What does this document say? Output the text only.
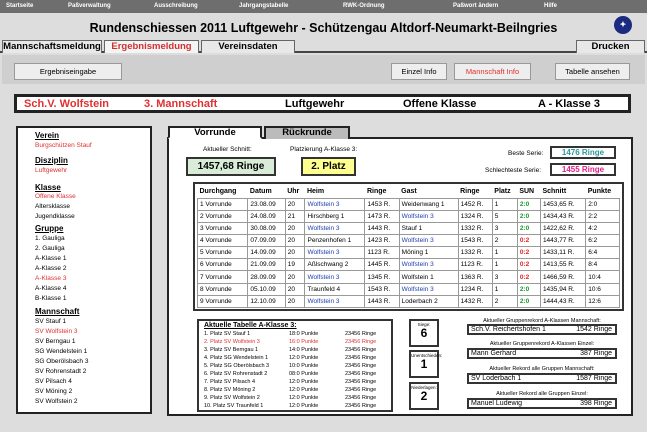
Startseite	Paßverwaltung	Ausschreibung	Jahrgangstabelle	RWK-Ordnung	Paßwort ändern	Hilfe
Rundenschiessen 2011 Luftgewehr - Schützengau Altdorf-Neumarkt-Beilngries	✦
Mannschaftsmeldung	Ergebnismeldung	Vereinsdaten	Drucken
Ergebniseingabe	Einzel Info	Mannschaft Info	Tabelle ansehen
Sch.V. Wolfstein	3. Mannschaft	Luftgewehr	Offene Klasse	A - Klasse 3
Verein
Burgschützen Stauf
Disziplin
Luftgewehr
Klasse
Offene Klasse
Altersklasse
Jugendklasse
Gruppe
1. Gauliga
2. Gauliga
A-Klasse 1
A-Klasse 2
A-Klasse 3
A-Klasse 4
B-Klasse 1
Mannschaft
SV Stauf 1
SV Wolfstein 3
SV Berngau 1
SG Wendelstein 1
SG Oberölsbach 3
SV Rohrenstadt 2
SV Pilsach 4
SV Möning 2
SV Wolfstein 2
Vorrunde	Rückrunde
Aktueller Schnitt:
1457,68 Ringe
Platzierung A-Klasse 3:
2. Platz
Beste Serie:	1476 Ringe
Schlechteste Serie:	1455 Ringe
Durchgang	Datum	Uhr	Heim	Ringe	Gast	Ringe	Platz	SUN	Schnitt	Punkte
1 Vorrunde	23.08.09	20	Wolfstein 3	1453 R.	Weidenwang 1	1452 R.	1	2:0	1453,65 R.	2:0
2 Vorrunde	24.08.09	21	Hirschberg 1	1473 R.	Wolfstein 3	1324 R.	5	2:0	1434,43 R.	2:2
3 Vorrunde	30.08.09	20	Wolfstein 3	1443 R.	Stauf 1	1332 R.	3	2:0	1422,62 R.	4:2
4 Vorrunde	07.09.09	20	Penzenhofen 1	1423 R.	Wolfstein 3	1543 R.	2	0:2	1443,77 R.	6:2
5 Vorrunde	14.09.09	20	Wolfstein 3	1123 R.	Möning 1	1332 R.	1	0:2	1433,11 R.	6:4
6 Vorrunde	21.09.09	19	Aßlschwang 2	1445 R.	Wolfstein 3	1123 R.	1	0:2	1413,55 R.	8:4
7 Vorrunde	28.09.09	20	Wolfstein 3	1345 R.	Wolfstein 1	1363 R.	3	0:2	1466,59 R.	10:4
8 Vorrunde	05.10.09	20	Traunfeld 4	1543 R.	Wolfstein 3	1234 R.	1	2:0	1435,94 R.	10:6
9 Vorrunde	12.10.09	20	Wolfstein 3	1443 R.	Loderbach 2	1432 R.	2	2:0	1444,43 R.	12:6
Aktuelle Tabelle A-Klasse 3:
1. Platz SV Stauf 1	18:0 Punkte	23456 Ringe
2. Platz SV Wolfstein 3	16:0 Punkte	23456 Ringe
3. Platz SV Berngau 1	14:0 Punkte	23456 Ringe
4. Platz SG Wendelstein 1	12:0 Punkte	23456 Ringe
5. Platz SG Oberölsbach 3	10:0 Punkte	23456 Ringe
6. Platz SV Rohrenstadt 2	08:0 Punkte	23456 Ringe
7. Platz SV Pilsach 4	12:0 Punkte	23456 Ringe
8. Platz SV Möning 2	12:0 Punkte	23456 Ringe
9. Platz SV Wolfstein 2	12:0 Punkte	23456 Ringe
10. Platz SV Traunfeld 1	12:0 Punkte	23456 Ringe
Siege:
6
Unentschieden:
1
Niederlagen:
2
Aktueller Gruppenrekord A-Klassen Mannschaft:
Sch.V. Reichertshofen 1	1542 Ringe
Aktueller Gruppenrekord A-Klassen Einzel:
Mann Gerhard	387 Ringe
Aktueller Rekord alle Gruppen Mannschaft:
SV Loderbach 1	1587 Ringe
Aktueller Rekord alle Gruppen Einzel:
Manuel Ludewig	398 Ringe
